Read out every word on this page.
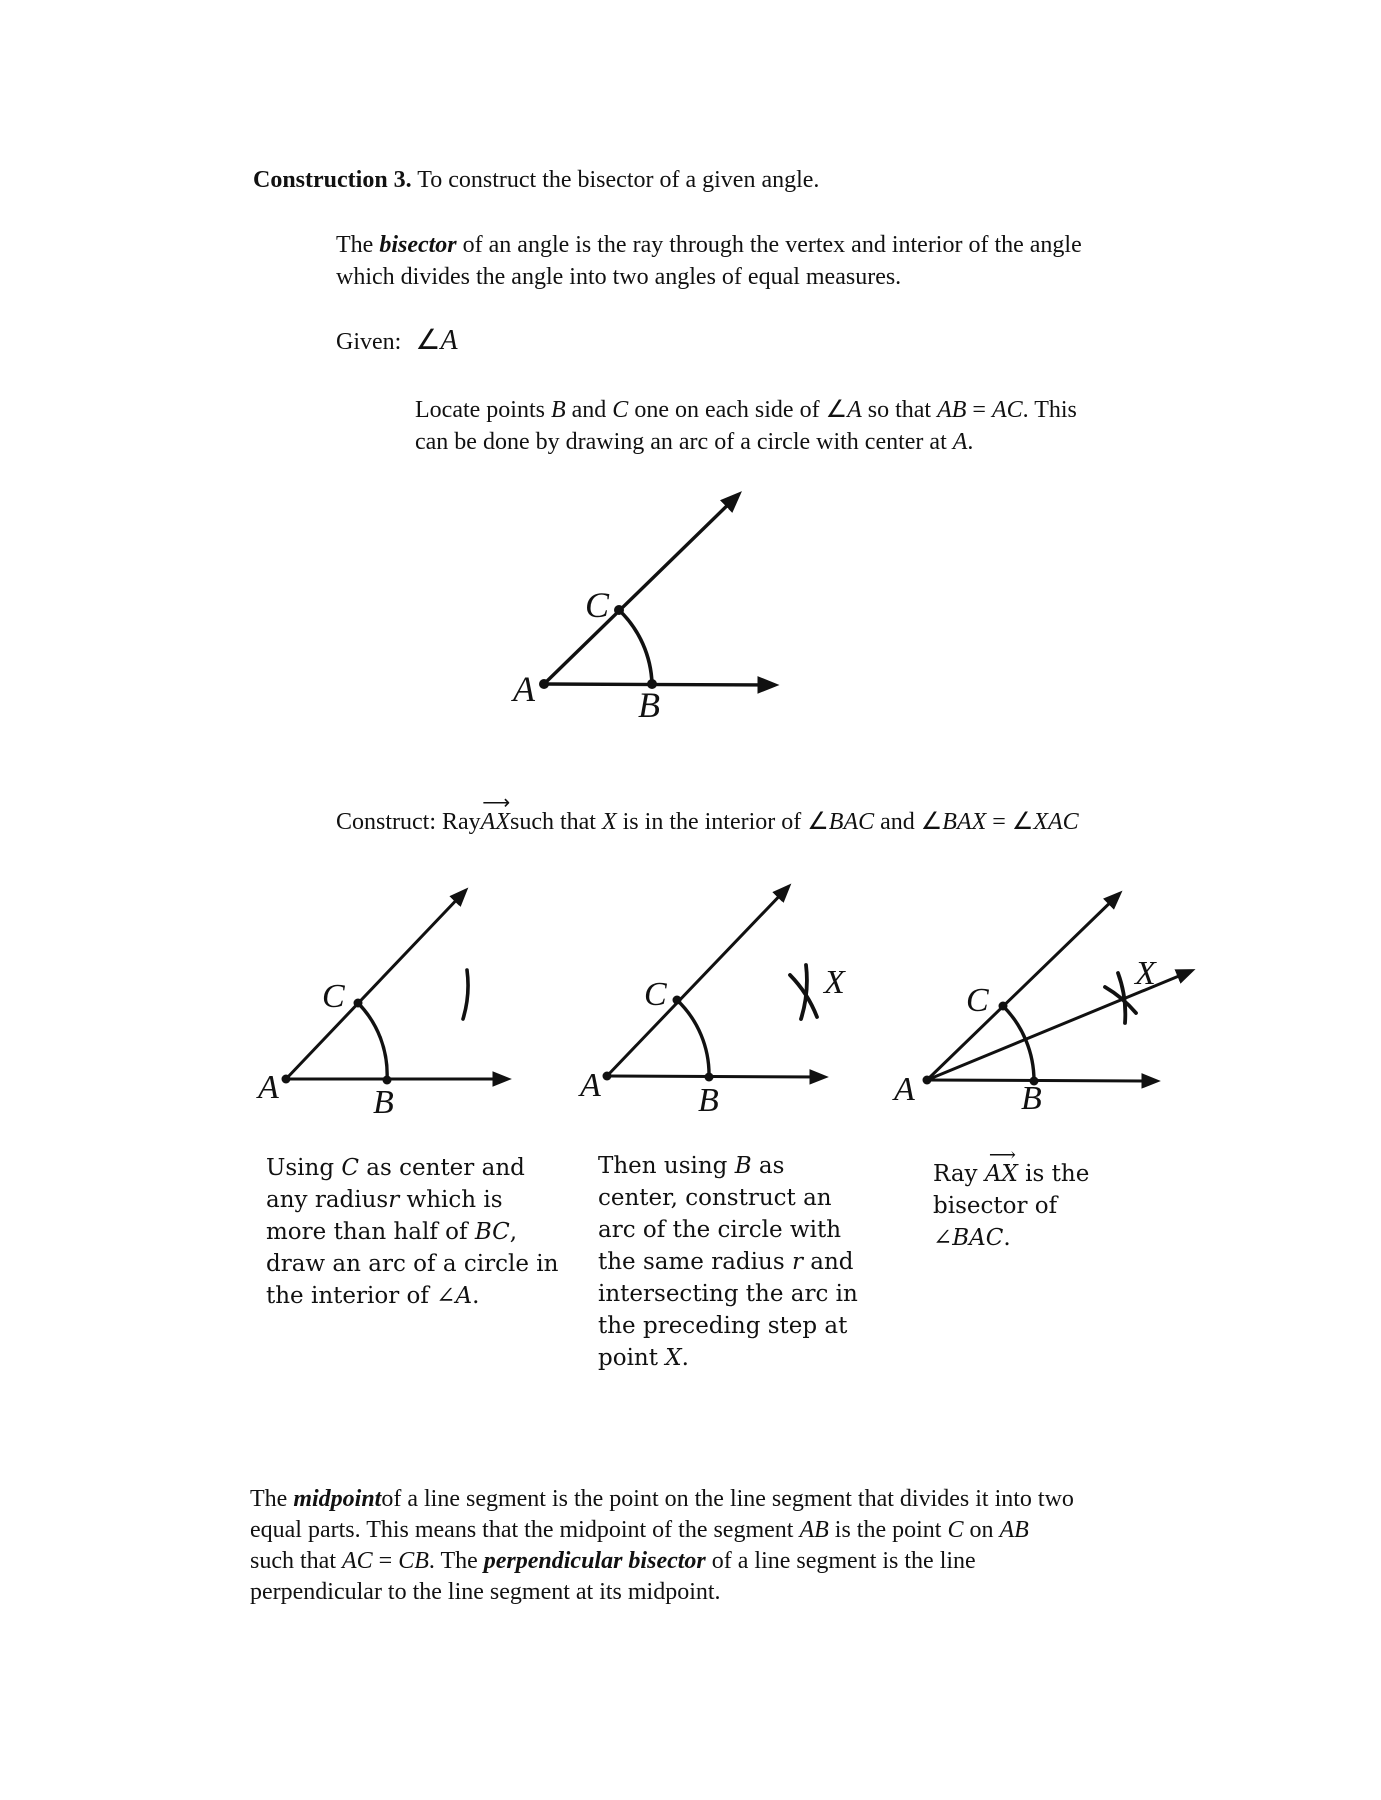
Construction 3. To construct the bisector of a given angle.
The bisector of an angle is the ray through the vertex and interior of the angle
which divides the angle into two angles of equal measures.
Given: ∠A
Locate points B and C one on each side of ∠A so that AB = AC. This
can be done by drawing an arc of a circle with center at A.
A	B
C
Construct: Ray
⟶
AXsuch that X is in the interior of ∠BAC and ∠BAX = ∠XAC
A	B
C
A	B
C	X
A	B
C
X
Using C as center and
any radiusr which is
more than half of BC,
draw an arc of a circle in
the interior of ∠A.
Then using B as
center, construct an
arc of the circle with
the same radius r and
intersecting the arc in
the preceding step at
point X.
Ray
⟶
AX is the
bisector of
∠BAC.
The midpointof a line segment is the point on the line segment that divides it into two
equal parts. This means that the midpoint of the segment AB is the point C on AB
such that AC = CB. The perpendicular bisector of a line segment is the line
perpendicular to the line segment at its midpoint.
